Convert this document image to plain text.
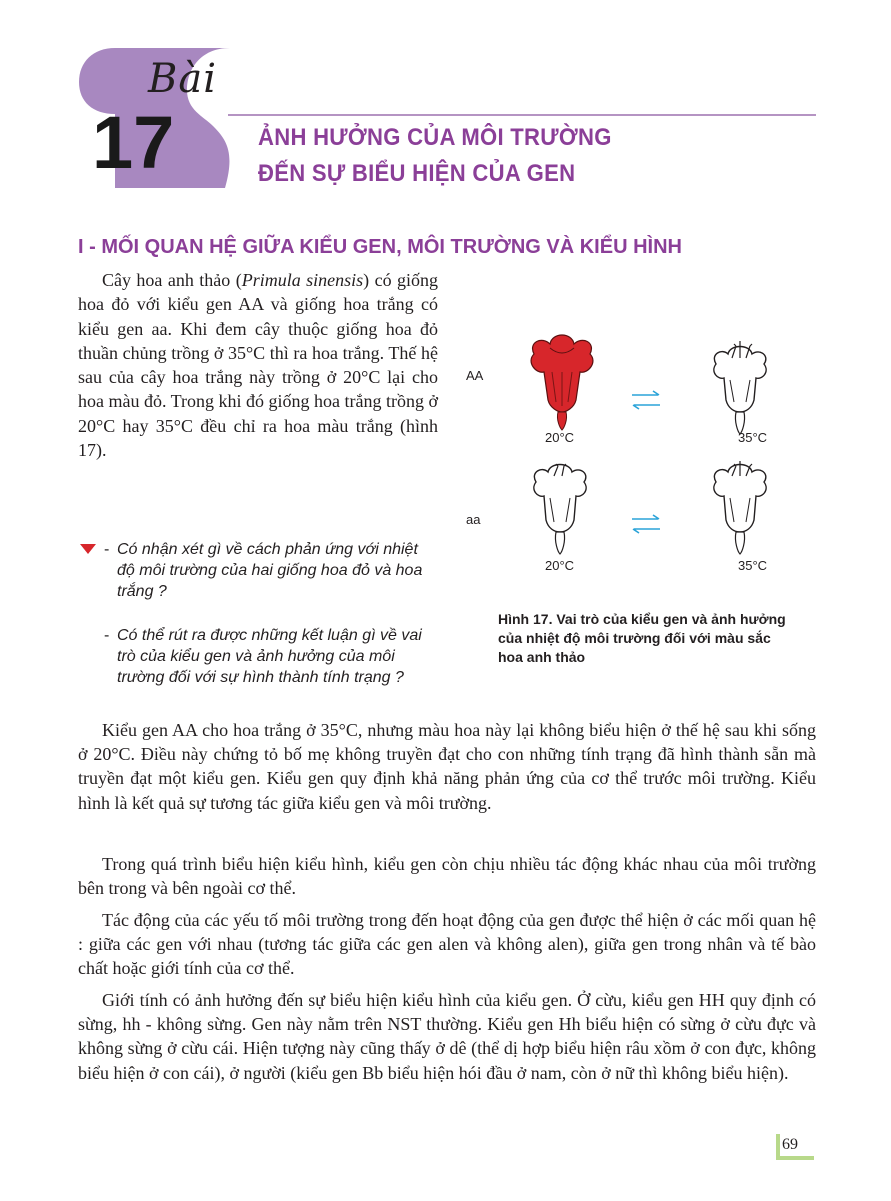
Bài
17	ẢNH HƯỞNG CỦA MÔI TRƯỜNG
ĐẾN SỰ BIỂU HIỆN CỦA GEN
I - MỐI QUAN HỆ GIỮA KIỂU GEN, MÔI TRƯỜNG VÀ KIỂU HÌNH
Cây hoa anh thảo (Primula sinensis) có giống hoa đỏ với kiểu gen AA và giống hoa trắng có kiểu gen aa. Khi đem cây thuộc giống hoa đỏ thuần chủng trồng ở 35°C thì ra hoa trắng. Thế hệ sau của cây hoa trắng này trồng ở 20°C lại cho hoa màu đỏ. Trong khi đó giống hoa trắng trồng ở 20°C hay 35°C đều chỉ ra hoa màu trắng (hình 17).
- Có nhận xét gì về cách phản ứng với nhiệt độ môi trường của hai giống hoa đỏ và hoa trắng ?
- Có thể rút ra được những kết luận gì về vai trò của kiểu gen và ảnh hưởng của môi trường đối với sự hình thành tính trạng ?
AA
aa
20°C	35°C
20°C	35°C
Hình 17. Vai trò của kiểu gen và ảnh hưởng của nhiệt độ môi trường đối với màu sắc hoa anh thảo
Kiểu gen AA cho hoa trắng ở 35°C, nhưng màu hoa này lại không biểu hiện ở thế hệ sau khi sống ở 20°C. Điều này chứng tỏ bố mẹ không truyền đạt cho con những tính trạng đã hình thành sẵn mà truyền đạt một kiểu gen. Kiểu gen quy định khả năng phản ứng của cơ thể trước môi trường. Kiểu hình là kết quả sự tương tác giữa kiểu gen và môi trường.
Trong quá trình biểu hiện kiểu hình, kiểu gen còn chịu nhiều tác động khác nhau của môi trường bên trong và bên ngoài cơ thể.
Tác động của các yếu tố môi trường trong đến hoạt động của gen được thể hiện ở các mối quan hệ : giữa các gen với nhau (tương tác giữa các gen alen và không alen), giữa gen trong nhân và tế bào chất hoặc giới tính của cơ thể.
Giới tính có ảnh hưởng đến sự biểu hiện kiểu hình của kiểu gen. Ở cừu, kiểu gen HH quy định có sừng, hh - không sừng. Gen này nằm trên NST thường. Kiểu gen Hh biểu hiện có sừng ở cừu đực và không sừng ở cừu cái. Hiện tượng này cũng thấy ở dê (thể dị hợp biểu hiện râu xồm ở con đực, không biểu hiện ở con cái), ở người (kiểu gen Bb biểu hiện hói đầu ở nam, còn ở nữ thì không biểu hiện).
69
